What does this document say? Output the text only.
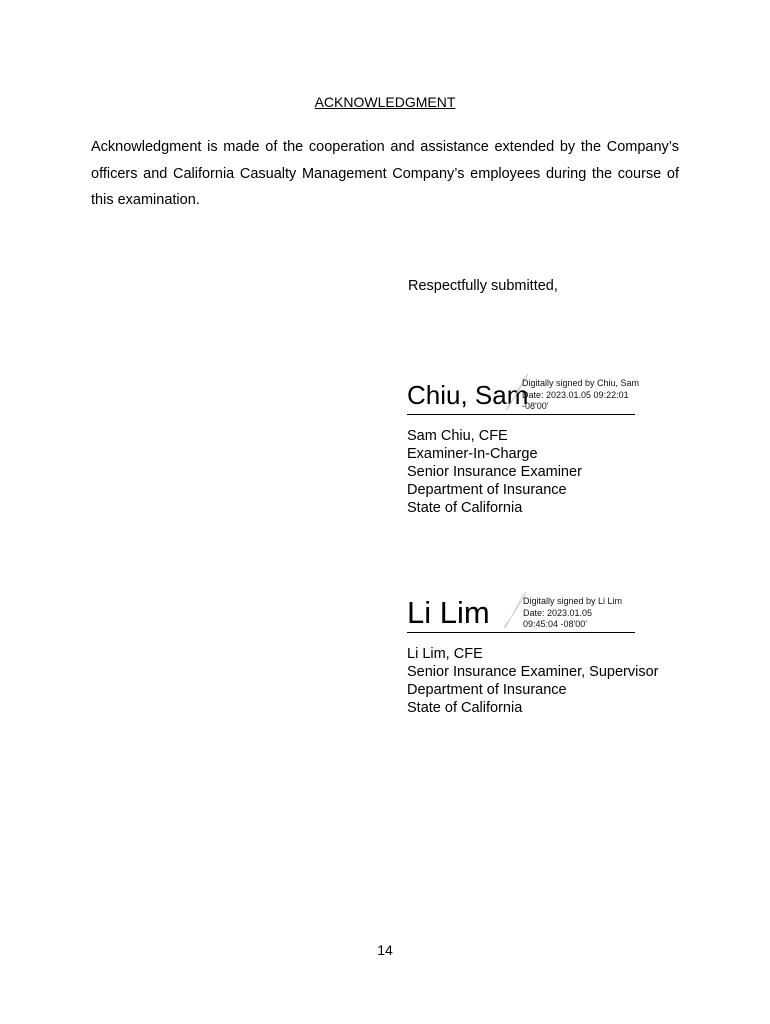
ACKNOWLEDGMENT
Acknowledgment is made of the cooperation and assistance extended by the Company’s officers and California Casualty Management Company’s employees during the course of this examination.
Respectfully submitted,
Chiu, Sam
Digitally signed by Chiu, Sam
Date: 2023.01.05 09:22:01
-08'00'
Sam Chiu, CFE
Examiner-In-Charge
Senior Insurance Examiner
Department of Insurance
State of California
Li Lim	Digitally signed by Li Lim
Date: 2023.01.05
09:45:04 -08'00'
Li Lim, CFE
Senior Insurance Examiner, Supervisor
Department of Insurance
State of California
14
